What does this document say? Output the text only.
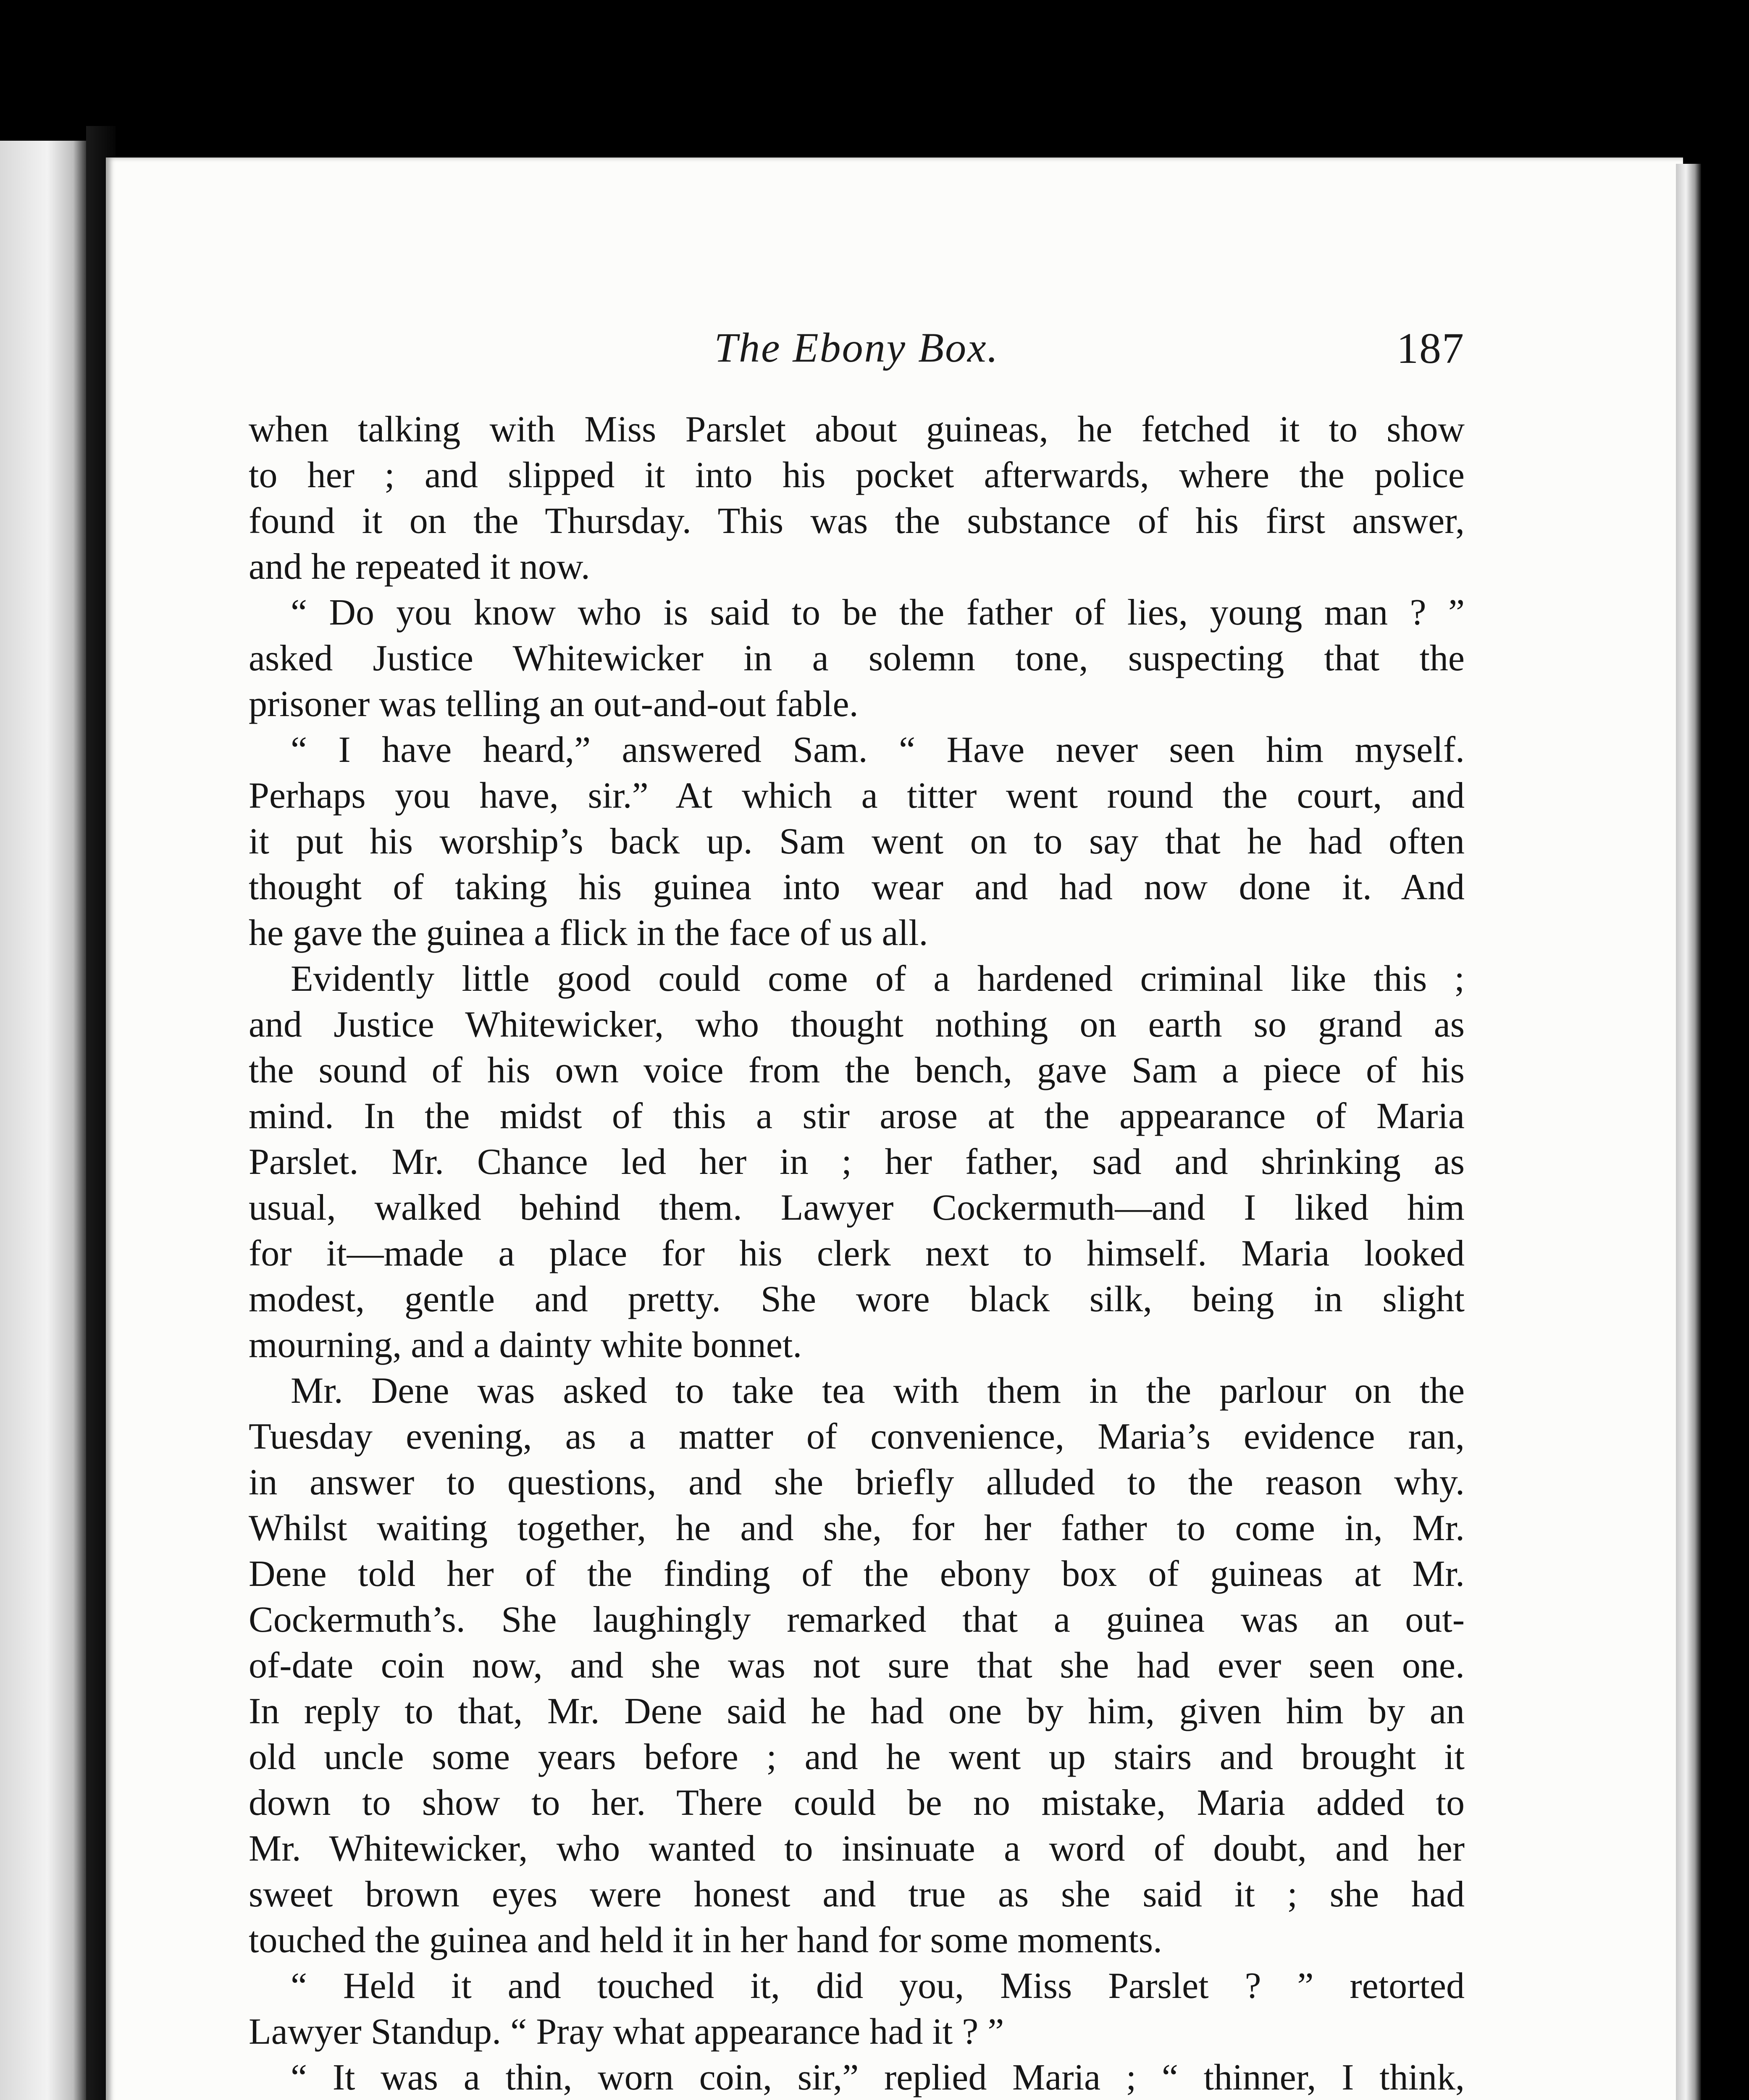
The Ebony Box.	187
when talking with Miss Parslet about guineas, he fetched it to show
to her ; and slipped it into his pocket afterwards, where the police
found it on the Thursday. This was the substance of his first answer,
and he repeated it now.
“ Do you know who is said to be the father of lies, young man ? ”
asked Justice Whitewicker in a solemn tone, suspecting that the
prisoner was telling an out-and-out fable.
“ I have heard,” answered Sam. “ Have never seen him myself.
Perhaps you have, sir.” At which a titter went round the court, and
it put his worship’s back up. Sam went on to say that he had often
thought of taking his guinea into wear and had now done it. And
he gave the guinea a flick in the face of us all.
Evidently little good could come of a hardened criminal like this ;
and Justice Whitewicker, who thought nothing on earth so grand as
the sound of his own voice from the bench, gave Sam a piece of his
mind. In the midst of this a stir arose at the appearance of Maria
Parslet. Mr. Chance led her in ; her father, sad and shrinking as
usual, walked behind them. Lawyer Cockermuth—and I liked him
for it—made a place for his clerk next to himself. Maria looked
modest, gentle and pretty. She wore black silk, being in slight
mourning, and a dainty white bonnet.
Mr. Dene was asked to take tea with them in the parlour on the
Tuesday evening, as a matter of convenience, Maria’s evidence ran,
in answer to questions, and she briefly alluded to the reason why.
Whilst waiting together, he and she, for her father to come in, Mr.
Dene told her of the finding of the ebony box of guineas at Mr.
Cockermuth’s. She laughingly remarked that a guinea was an out-
of-date coin now, and she was not sure that she had ever seen one.
In reply to that, Mr. Dene said he had one by him, given him by an
old uncle some years before ; and he went up stairs and brought it
down to show to her. There could be no mistake, Maria added to
Mr. Whitewicker, who wanted to insinuate a word of doubt, and her
sweet brown eyes were honest and true as she said it ; she had
touched the guinea and held it in her hand for some moments.
“ Held it and touched it, did you, Miss Parslet ? ” retorted
Lawyer Standup. “ Pray what appearance had it ? ”
“ It was a thin, worn coin, sir,” replied Maria ; “ thinner, I think,
